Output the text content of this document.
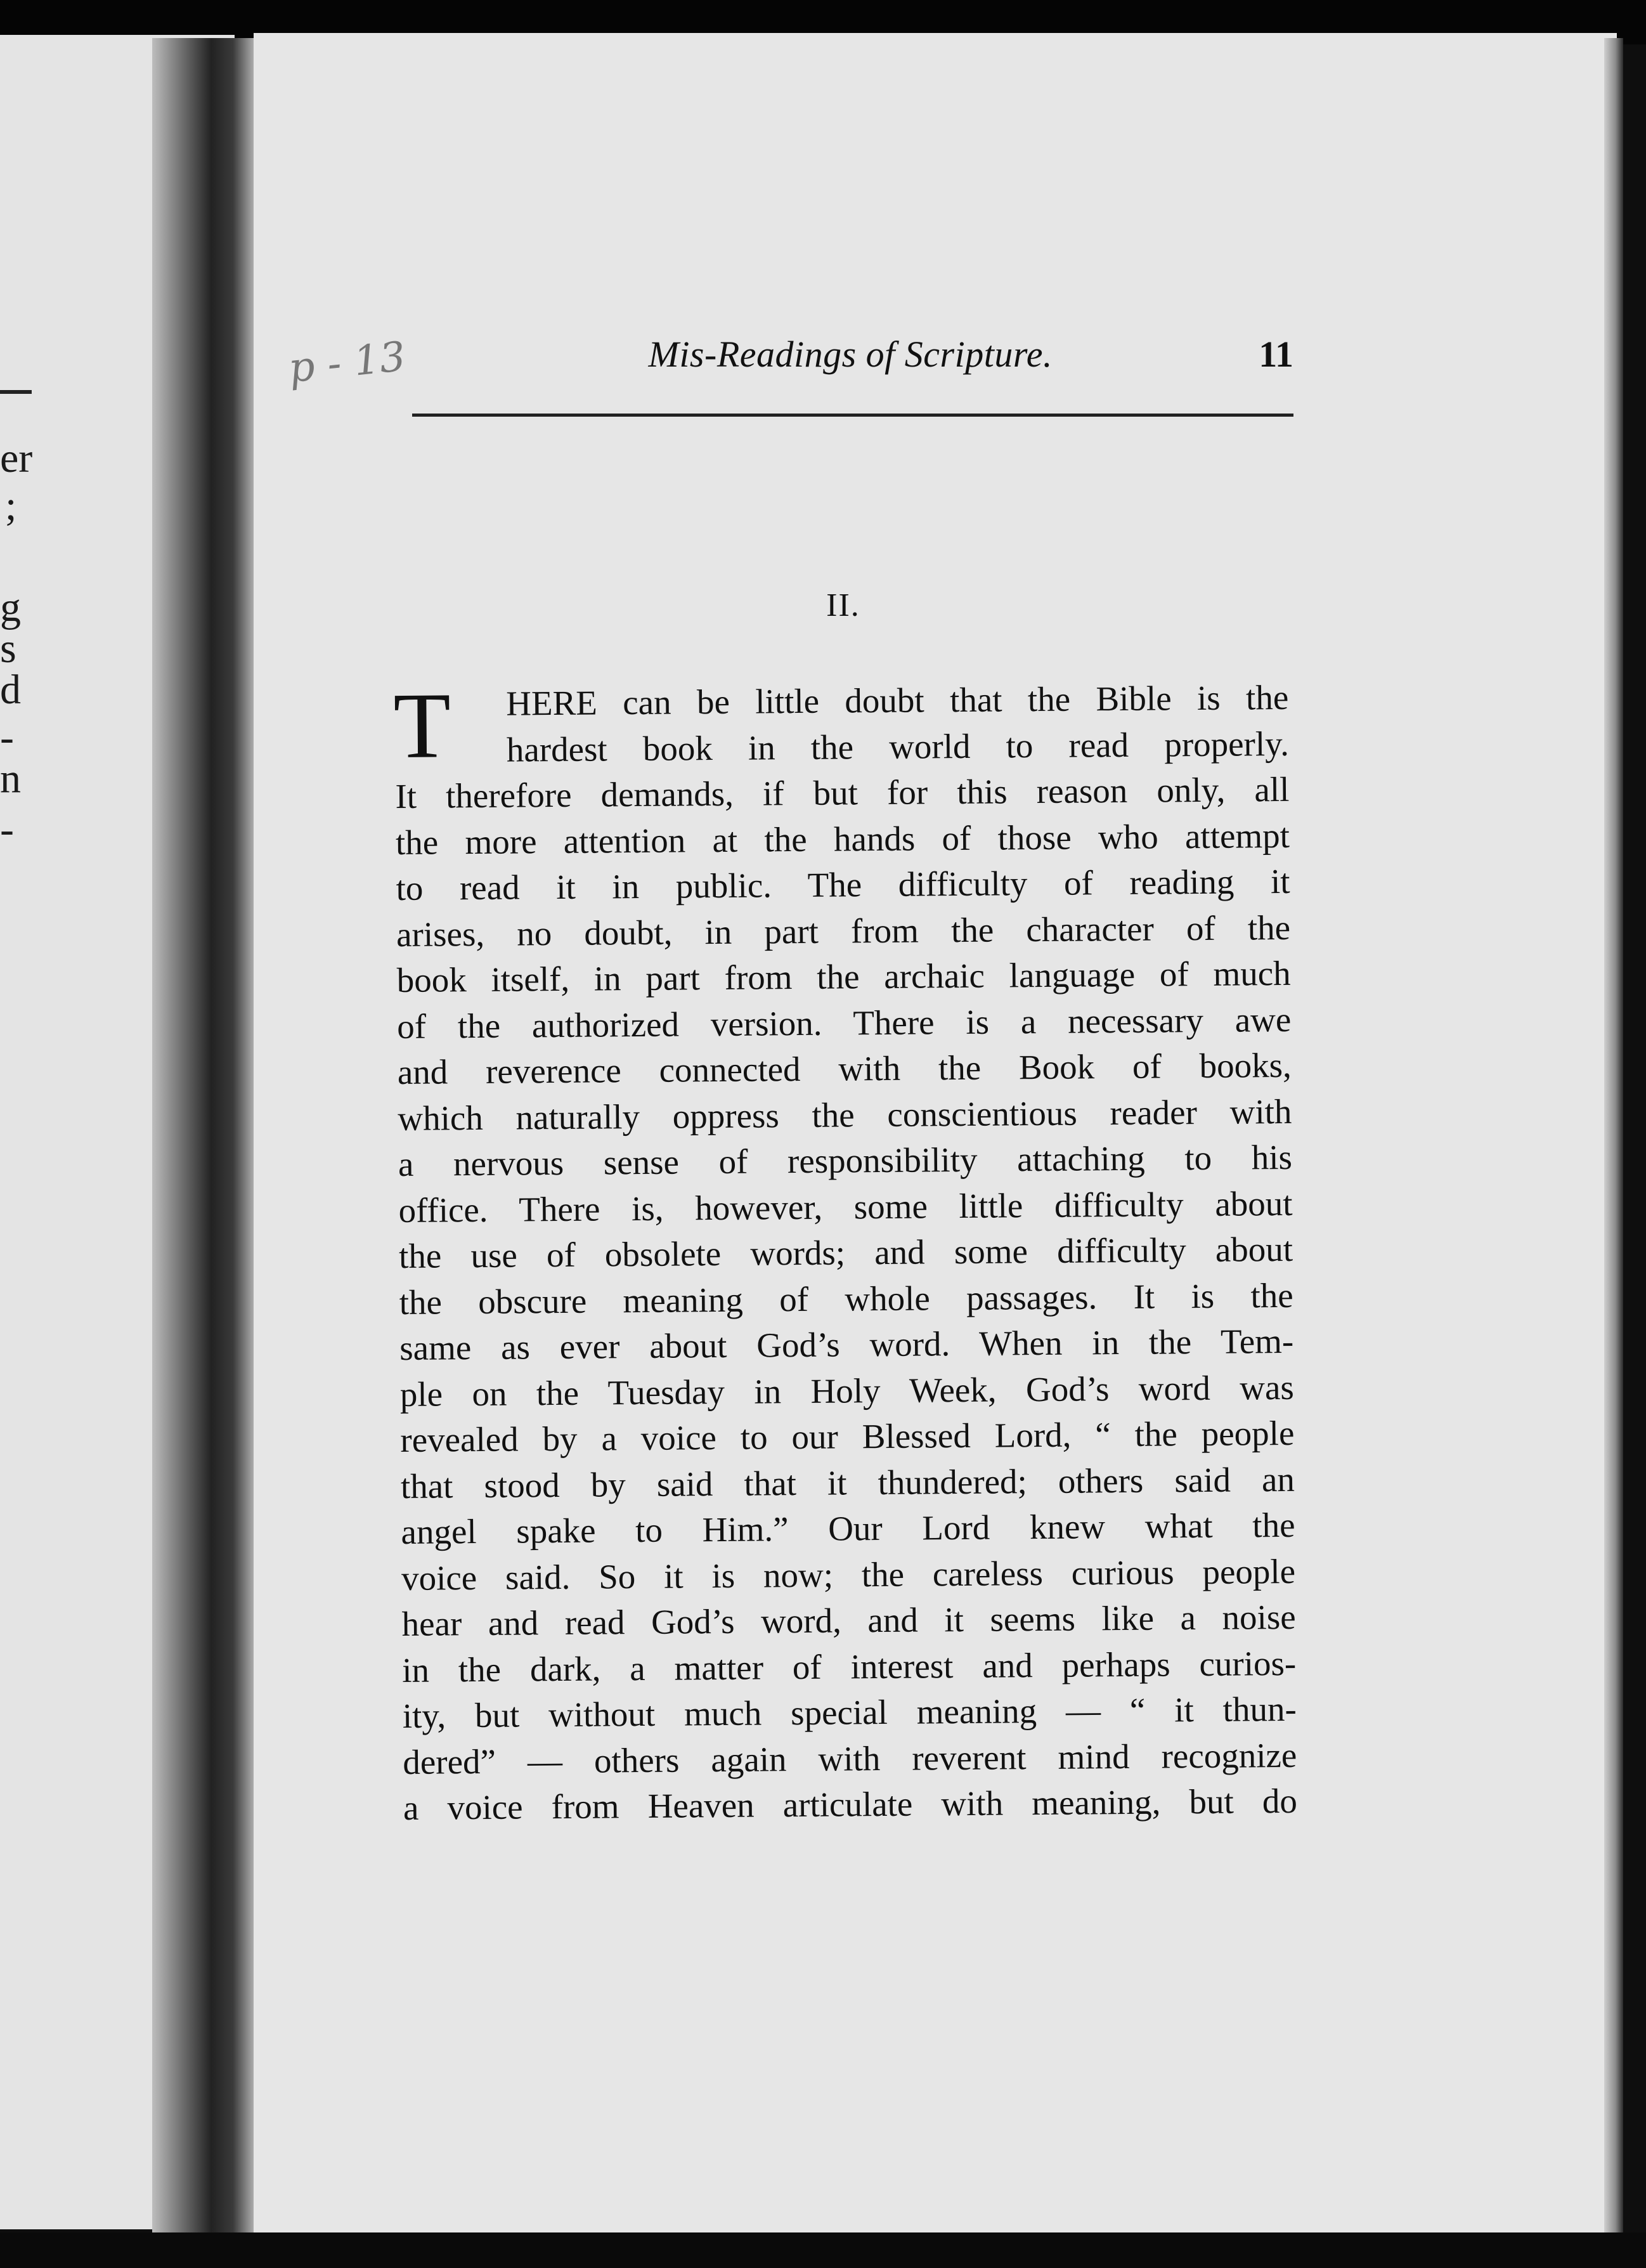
er
;
g
s
d
-
n
-
p - 13	Mis-Readings of Scripture.	11
II.
T	HERE can be little doubt that the Bible is the
hardest book in the world to read properly.
It therefore demands, if but for this reason only, all
the more attention at the hands of those who attempt
to read it in public. The difficulty of reading it
arises, no doubt, in part from the character of the
book itself, in part from the archaic language of much
of the authorized version. There is a necessary awe
and reverence connected with the Book of books,
which naturally oppress the conscientious reader with
a nervous sense of responsibility attaching to his
office. There is, however, some little difficulty about
the use of obsolete words; and some difficulty about
the obscure meaning of whole passages. It is the
same as ever about God’s word. When in the Tem-
ple on the Tuesday in Holy Week, God’s word was
revealed by a voice to our Blessed Lord, “ the people
that stood by said that it thundered; others said an
angel spake to Him.” Our Lord knew what the
voice said. So it is now; the careless curious people
hear and read God’s word, and it seems like a noise
in the dark, a matter of interest and perhaps curios-
ity, but without much special meaning — “ it thun-
dered” — others again with reverent mind recognize
a voice from Heaven articulate with meaning, but do
